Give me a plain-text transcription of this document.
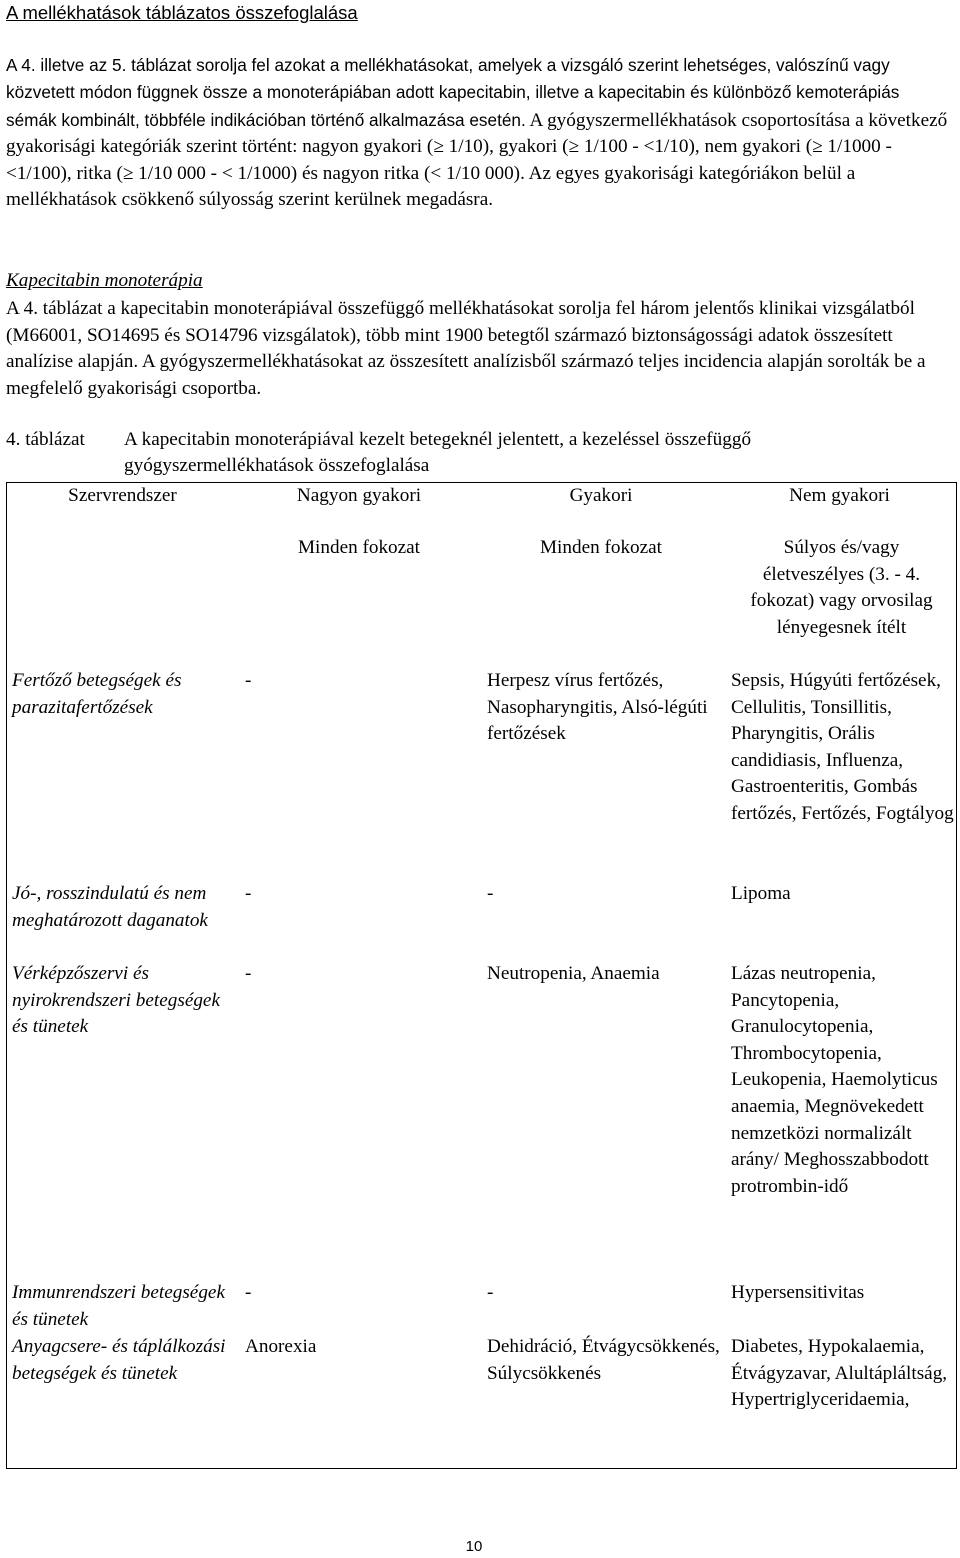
A mellékhatások táblázatos összefoglalása
A 4. illetve az 5. táblázat sorolja fel azokat a mellékhatásokat, amelyek a vizsgáló szerint lehetséges, valószínű vagy közvetett módon függnek össze a monoterápiában adott kapecitabin, illetve a kapecitabin és különböző kemoterápiás sémák kombinált, többféle indikációban történő alkalmazása esetén. A gyógyszermellékhatások csoportosítása a következő gyakorisági kategóriák szerint történt: nagyon gyakori (≥ 1/10), gyakori (≥ 1/100 - <1/10), nem gyakori (≥ 1/1000 - <1/100), ritka (≥ 1/10 000 - < 1/1000) és nagyon ritka (< 1/10 000). Az egyes gyakorisági kategóriákon belül a mellékhatások csökkenő súlyosság szerint kerülnek megadásra.
Kapecitabin monoterápia
A 4. táblázat a kapecitabin monoterápiával összefüggő mellékhatásokat sorolja fel három jelentős klinikai vizsgálatból (M66001, SO14695 és SO14796 vizsgálatok), több mint 1900 betegtől származó biztonságossági adatok összesített analízise alapján. A gyógyszermellékhatásokat az összesített analízisből származó teljes incidencia alapján sorolták be a megfelelő gyakorisági csoportba.
4. táblázat A kapecitabin monoterápiával kezelt betegeknél jelentett, a kezeléssel összefüggő gyógyszermellékhatások összefoglalása
Szervrendszer	Nagyon gyakori	Gyakori	Nem gyakori
	Minden fokozat	Minden fokozat	Súlyos és/vagy életveszélyes (3. - 4. fokozat) vagy orvosilag lényegesnek ítélt
Fertőző betegségek és parazitafertőzések	-	Herpesz vírus fertőzés, Nasopharyngitis, Alsó-légúti fertőzések	Sepsis, Húgyúti fertőzések, Cellulitis, Tonsillitis, Pharyngitis, Orális candidiasis, Influenza, Gastroenteritis, Gombás fertőzés, Fertőzés, Fogtályog
Jó-, rosszindulatú és nem meghatározott daganatok	-	-	Lipoma
Vérképzőszervi és nyirokrendszeri betegségek és tünetek	-	Neutropenia, Anaemia	Lázas neutropenia, Pancytopenia, Granulocytopenia, Thrombocytopenia, Leukopenia, Haemolyticus anaemia, Megnövekedett nemzetközi normalizált arány/ Meghosszabbodott protrombin-idő
Immunrendszeri betegségek és tünetek	-	-	Hypersensitivitas
Anyagcsere- és táplálkozási betegségek és tünetek	Anorexia	Dehidráció, Étvágycsökkenés, Súlycsökkenés	Diabetes, Hypokalaemia, Étvágyzavar, Alultápláltság, Hypertriglyceridaemia,
10
